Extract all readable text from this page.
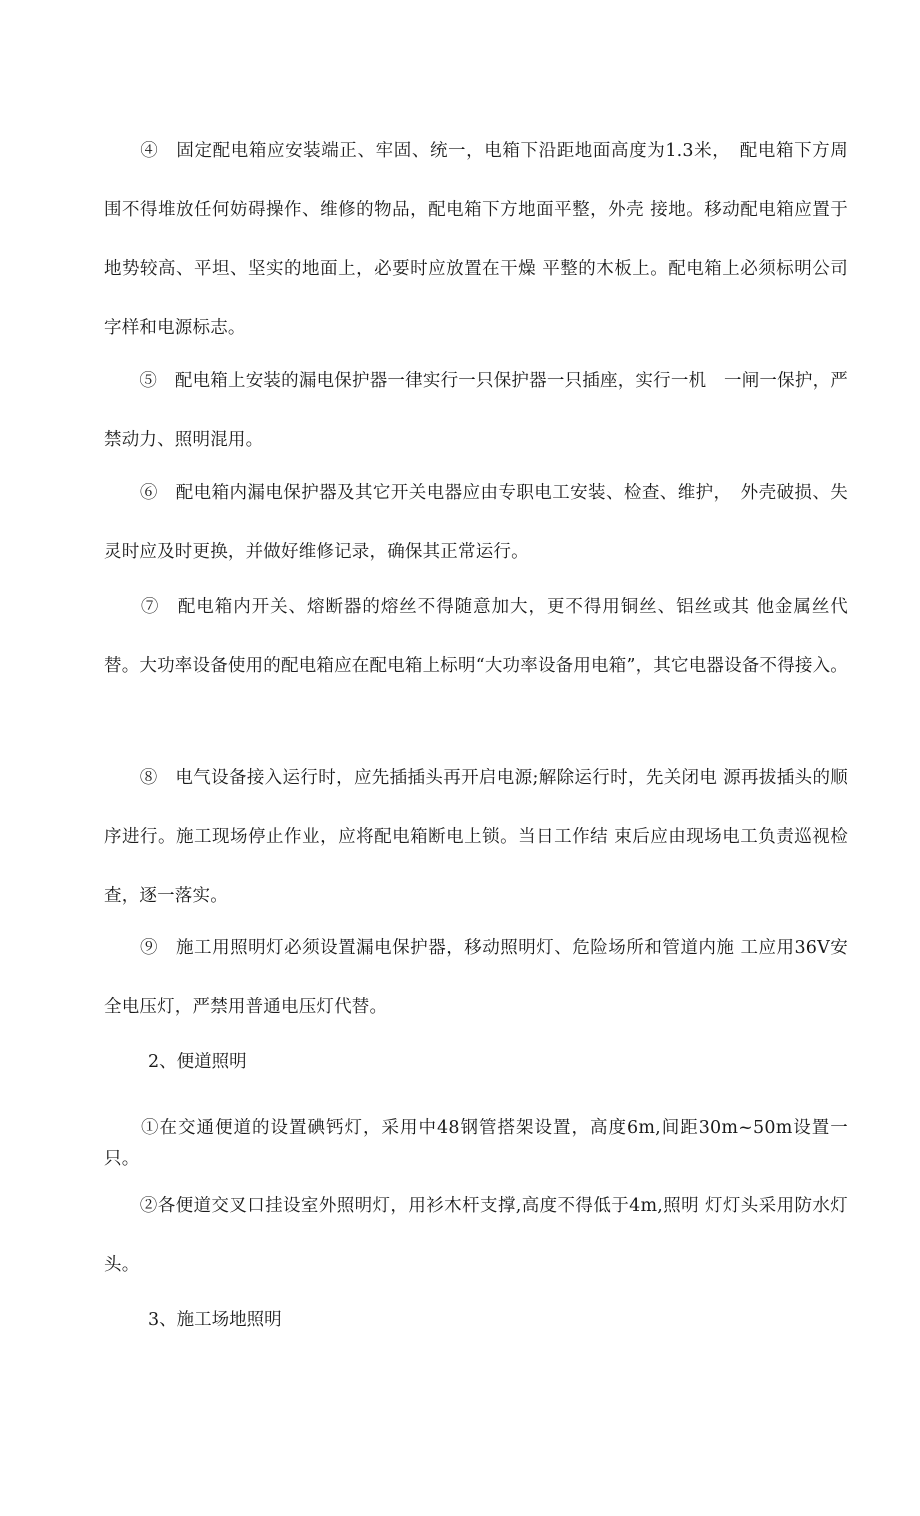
　　④　固定配电箱应安装端正、牢固、统一，电箱下沿距地面高度为1.3米，　配电箱下方周围不得堆放任何妨碍操作、维修的物品，配电箱下方地面平整，外壳 接地。移动配电箱应置于地势较高、平坦、坚实的地面上，必要时应放置在干燥 平整的木板上。配电箱上必须标明公司字样和电源标志。

　　⑤　配电箱上安装的漏电保护器一律实行一只保护器一只插座，实行一机　一闸一保护，严禁动力、照明混用。

　　⑥　配电箱内漏电保护器及其它开关电器应由专职电工安装、检查、维护，　外壳破损、失灵时应及时更换，并做好维修记录，确保其正常运行。

　　⑦　配电箱内开关、熔断器的熔丝不得随意加大，更不得用铜丝、铝丝或其 他金属丝代替。大功率设备使用的配电箱应在配电箱上标明“大功率设备用电箱”，其它电器设备不得接入。

　　⑧　电气设备接入运行时，应先插插头再开启电源;解除运行时，先关闭电 源再拔插头的顺序进行。施工现场停止作业，应将配电箱断电上锁。当日工作结 束后应由现场电工负责巡视检查，逐一落实。

　　⑨　施工用照明灯必须设置漏电保护器，移动照明灯、危险场所和管道内施 工应用36V安全电压灯，严禁用普通电压灯代替。

2、便道照明

　　①在交通便道的设置碘钙灯，采用中48钢管搭架设置，高度6m,间距30m~50m设置一只。

　　②各便道交叉口挂设室外照明灯，用衫木杆支撑,高度不得低于4m,照明 灯灯头采用防水灯头。

3、施工场地照明
